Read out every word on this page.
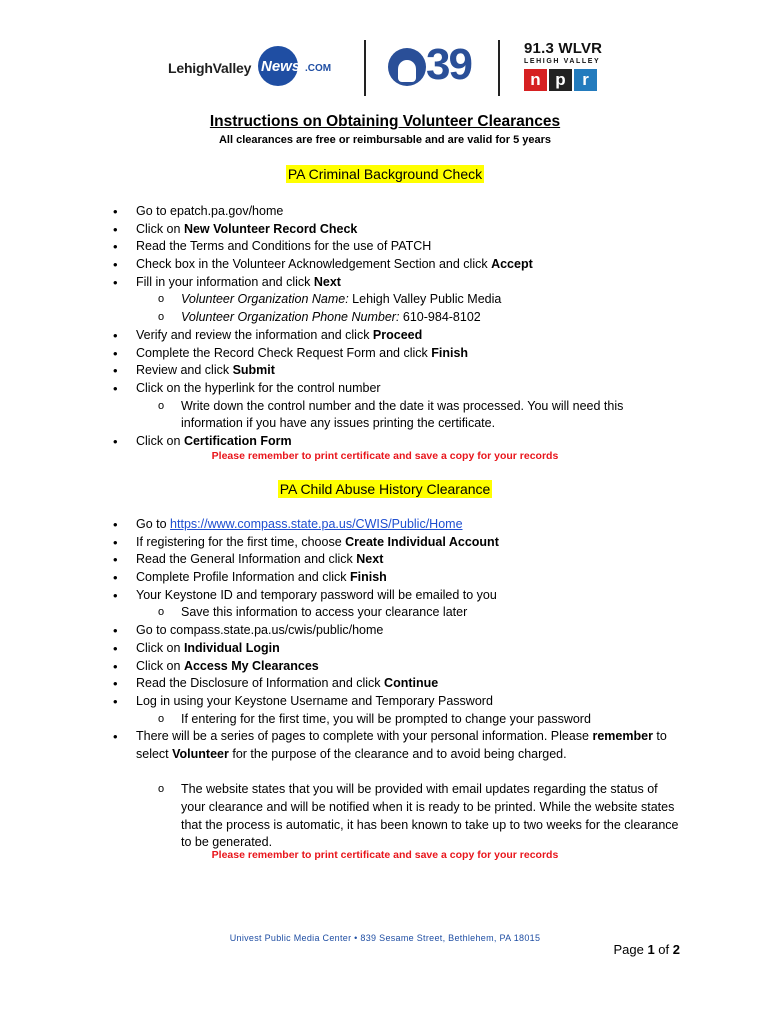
LehighValley News .COM 39	91.3 WLVR
LEHIGH VALLEY
n p r
Instructions on Obtaining Volunteer Clearances
All clearances are free or reimbursable and are valid for 5 years
PA Criminal Background Check
• Go to epatch.pa.gov/home
• Click on New Volunteer Record Check
• Read the Terms and Conditions for the use of PATCH
• Check box in the Volunteer Acknowledgement Section and click Accept
• Fill in your information and click Next
o Volunteer Organization Name: Lehigh Valley Public Media
o Volunteer Organization Phone Number: 610-984-8102
• Verify and review the information and click Proceed
• Complete the Record Check Request Form and click Finish
• Review and click Submit
• Click on the hyperlink for the control number
o Write down the control number and the date it was processed. You will need this information if you have any issues printing the certificate.
• Click on Certification Form
Please remember to print certificate and save a copy for your records
PA Child Abuse History Clearance
• Go to https://www.compass.state.pa.us/CWIS/Public/Home
• If registering for the first time, choose Create Individual Account
• Read the General Information and click Next
• Complete Profile Information and click Finish
• Your Keystone ID and temporary password will be emailed to you
o Save this information to access your clearance later
• Go to compass.state.pa.us/cwis/public/home
• Click on Individual Login
• Click on Access My Clearances
• Read the Disclosure of Information and click Continue
• Log in using your Keystone Username and Temporary Password
o If entering for the first time, you will be prompted to change your password
• There will be a series of pages to complete with your personal information. Please remember to select Volunteer for the purpose of the clearance and to avoid being charged.
o The website states that you will be provided with email updates regarding the status of your clearance and will be notified when it is ready to be printed. While the website states that the process is automatic, it has been known to take up to two weeks for the clearance to be generated.
Please remember to print certificate and save a copy for your records
Univest Public Media Center • 839 Sesame Street, Bethlehem, PA 18015
Page 1 of 2
